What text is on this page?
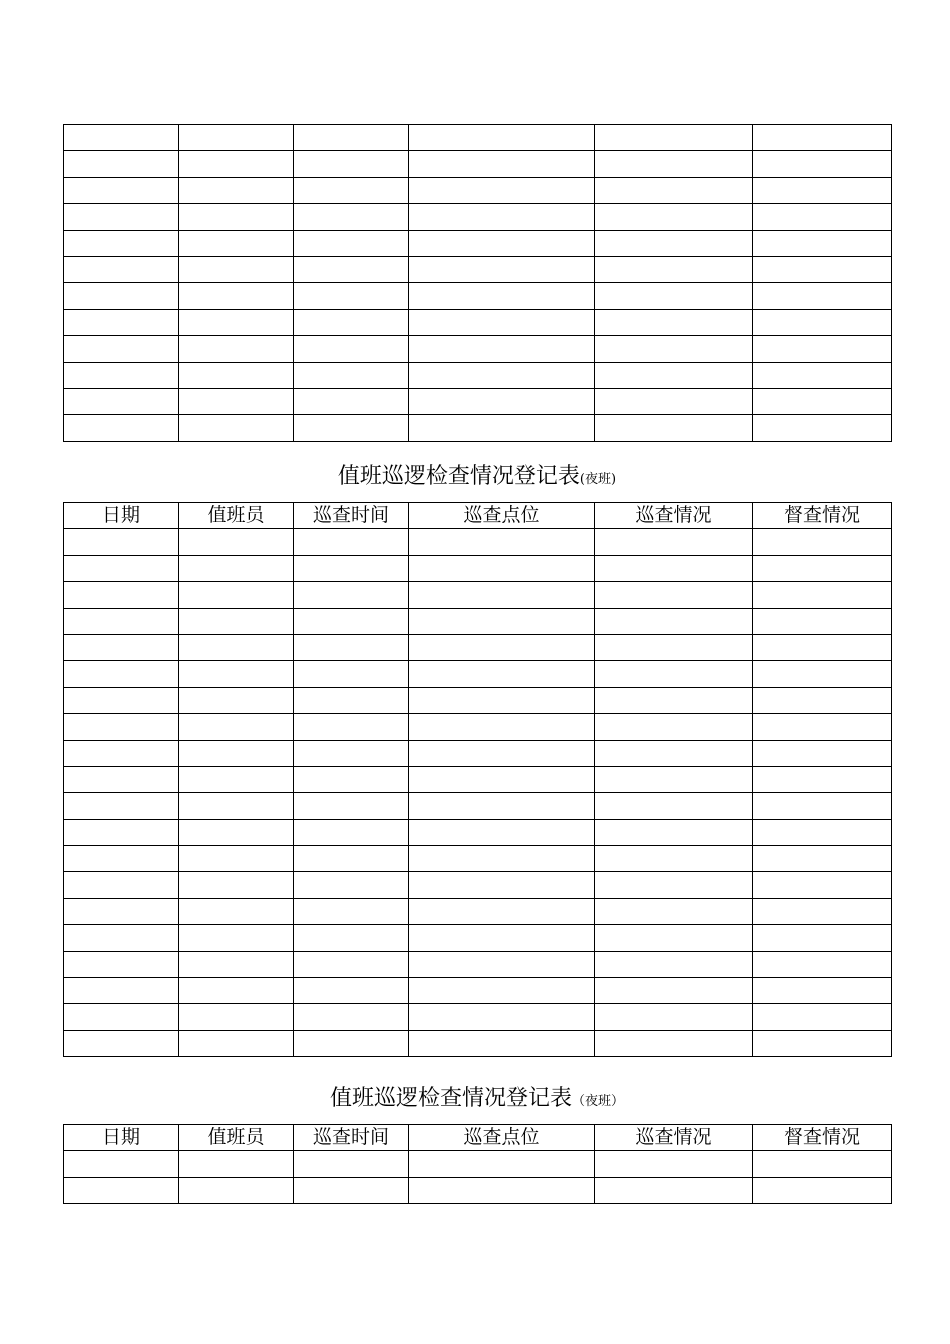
值班巡逻检查情况登记表(夜班)
日期	值班员	巡查时间	巡查点位	巡查情况	督查情况

值班巡逻检查情况登记表（夜班）
日期	值班员	巡查时间	巡查点位	巡查情况	督查情况
